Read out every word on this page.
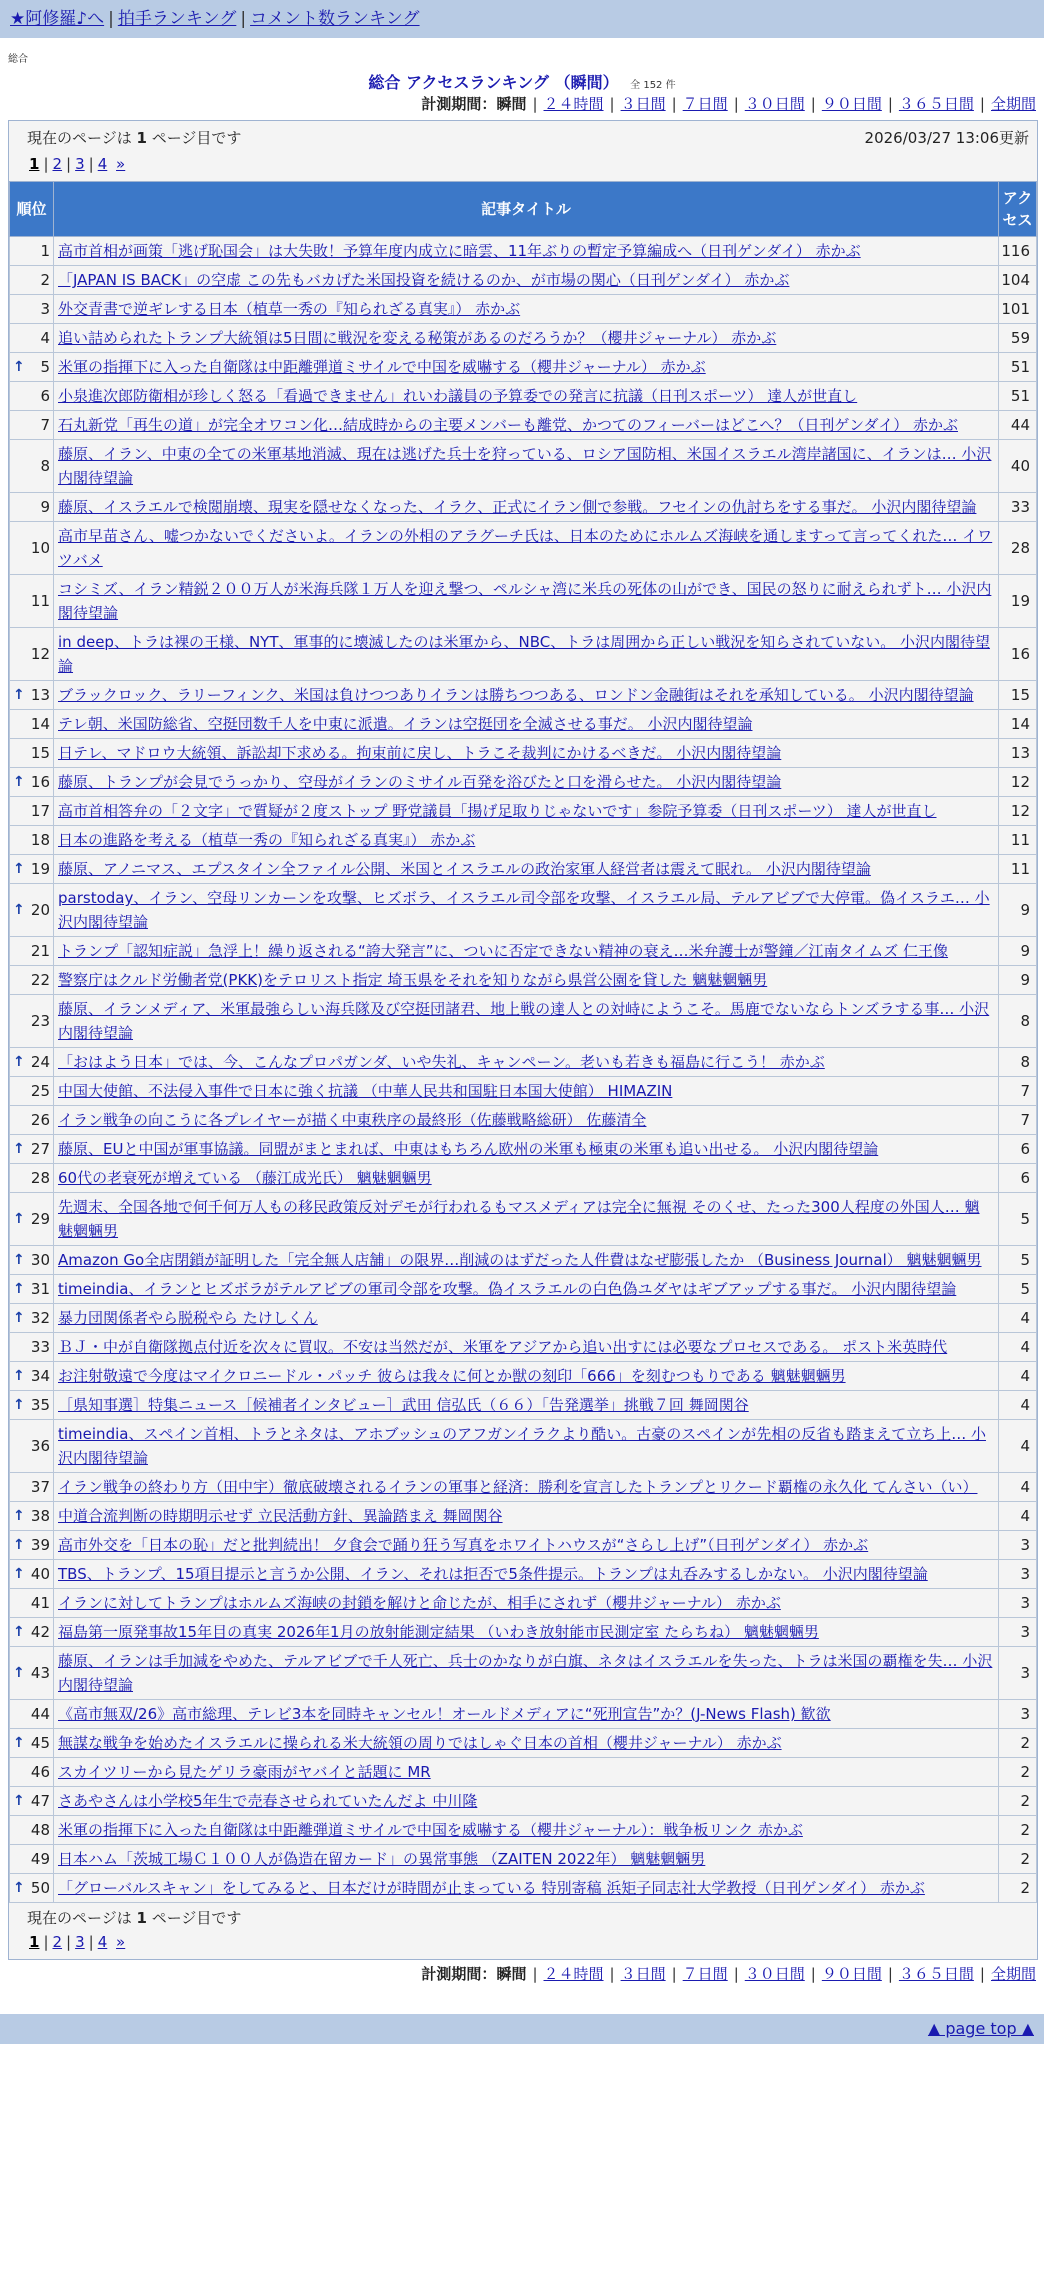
★阿修羅♪へ | 拍手ランキング | コメント数ランキング
総合
総合 アクセスランキング （瞬間） 全 152 件
計測期間：瞬間 | ２４時間 | ３日間 | ７日間 | ３０日間 | ９０日間 | ３６５日間 | 全期間
現在のページは 1 ページ目です	2026/03/27 13:06更新
1 | 2 | 3 | 4 »
順位	記事タイトル	アクセス
1	高市首相が画策「逃げ恥国会」は大失敗！予算年度内成立に暗雲、11年ぶりの暫定予算編成へ（日刊ゲンダイ） 赤かぶ	116
2	「JAPAN IS BACK」の空虚 この先もバカげた米国投資を続けるのか、が市場の関心（日刊ゲンダイ） 赤かぶ	104
3	外交青書で逆ギレする日本（植草一秀の『知られざる真実』） 赤かぶ	101
4	追い詰められたトランプ大統領は5日間に戦況を変える秘策があるのだろうか？（櫻井ジャーナル） 赤かぶ	59

↑ 5	米軍の指揮下に入った自衛隊は中距離弾道ミサイルで中国を威嚇する（櫻井ジャーナル） 赤かぶ	51
6	小泉進次郎防衛相が珍しく怒る「看過できません」れいわ議員の予算委での発言に抗議（日刊スポーツ） 達人が世直し	51
7	石丸新党「再生の道」が完全オワコン化…結成時からの主要メンバーも離党、かつてのフィーバーはどこへ？（日刊ゲンダイ） 赤かぶ	44
8	藤原、イラン、中東の全ての米軍基地消滅、現在は逃げた兵士を狩っている、ロシア国防相、米国イスラエル湾岸諸国に、イランは… 小沢内閣待望論	40
9	藤原、イスラエルで検閲崩壊、現実を隠せなくなった、イラク、正式にイラン側で参戦。フセインの仇討ちをする事だ。 小沢内閣待望論	33
10	高市早苗さん、嘘つかないでくださいよ。イランの外相のアラグーチ氏は、日本のためにホルムズ海峡を通しますって言ってくれた… イワツバメ	28
11	コシミズ、イラン精鋭２００万人が米海兵隊１万人を迎え撃つ、ペルシャ湾に米兵の死体の山ができ、国民の怒りに耐えられずト… 小沢内閣待望論	19
12	in deep、トラは裸の王様、NYT、軍事的に壊滅したのは米軍から、NBC、トラは周囲から正しい戦況を知らされていない。 小沢内閣待望論	16

↑ 13	ブラックロック、ラリーフィンク、米国は負けつつありイランは勝ちつつある、ロンドン金融街はそれを承知している。 小沢内閣待望論	15
14	テレ朝、米国防総省、空挺団数千人を中東に派遣。イランは空挺団を全滅させる事だ。 小沢内閣待望論	14
15	日テレ、マドロウ大統領、訴訟却下求める。拘束前に戻し、トラこそ裁判にかけるべきだ。 小沢内閣待望論	13

↑ 16	藤原、トランプが会見でうっかり、空母がイランのミサイル百発を浴びたと口を滑らせた。 小沢内閣待望論	12
17	高市首相答弁の「２文字」で質疑が２度ストップ 野党議員「揚げ足取りじゃないです」参院予算委（日刊スポーツ） 達人が世直し	12
18	日本の進路を考える（植草一秀の『知られざる真実』） 赤かぶ	11

↑ 19	藤原、アノニマス、エプスタイン全ファイル公開、米国とイスラエルの政治家軍人経営者は震えて眠れ。 小沢内閣待望論	11

↑ 20	parstoday、イラン、空母リンカーンを攻撃、ヒズボラ、イスラエル司令部を攻撃、イスラエル局、テルアビブで大停電。偽イスラエ… 小沢内閣待望論	9
21	トランプ「認知症説」急浮上！繰り返される“誇大発言”に、ついに否定できない精神の衰え…米弁護士が警鐘／江南タイムズ 仁王像	9
22	警察庁はクルド労働者党(PKK)をテロリスト指定 埼玉県をそれを知りながら県営公園を貸した 魑魅魍魎男	9
23	藤原、イランメディア、米軍最強らしい海兵隊及び空挺団諸君、地上戦の達人との対峙にようこそ。馬鹿でないならトンズラする事… 小沢内閣待望論	8

↑ 24	「おはよう日本」では、今、こんなプロパガンダ、いや失礼、キャンペーン。老いも若きも福島に行こう！ 赤かぶ	8
25	中国大使館、不法侵入事件で日本に強く抗議 （中華人民共和国駐日本国大使館） HIMAZIN	7
26	イラン戦争の向こうに各プレイヤーが描く中東秩序の最終形（佐藤戦略総研） 佐藤清全	7

↑ 27	藤原、EUと中国が軍事協議。同盟がまとまれば、中東はもちろん欧州の米軍も極東の米軍も追い出せる。 小沢内閣待望論	6
28	60代の老衰死が増えている （藤江成光氏） 魑魅魍魎男	6

↑ 29	先週末、全国各地で何千何万人もの移民政策反対デモが行われるもマスメディアは完全に無視 そのくせ、たった300人程度の外国人… 魑魅魍魎男	5

↑ 30	Amazon Go全店閉鎖が証明した「完全無人店舗」の限界…削減のはずだった人件費はなぜ膨張したか （Business Journal） 魑魅魍魎男	5

↑ 31	timeindia、イランとヒズボラがテルアビブの軍司令部を攻撃。偽イスラエルの白色偽ユダヤはギブアップする事だ。 小沢内閣待望論	5

↑ 32	暴力団関係者やら脱税やら たけしくん	4
33	ＢＪ・中が自衛隊拠点付近を次々に買収。不安は当然だが、米軍をアジアから追い出すには必要なプロセスである。 ポスト米英時代	4

↑ 34	お注射敬遠で今度はマイクロニードル・パッチ 彼らは我々に何とか獣の刻印「666」を刻むつもりである 魑魅魍魎男	4

↑ 35	［県知事選］特集ニュース［候補者インタビュー］武田 信弘氏（６６）「告発選挙」挑戦７回 舞岡関谷	4
36	timeindia、スペイン首相、トラとネタは、アホブッシュのアフガンイラクより酷い。古豪のスペインが先相の反省も踏まえて立ち上… 小沢内閣待望論	4
37	イラン戦争の終わり方（田中宇）徹底破壊されるイランの軍事と経済：勝利を宣言したトランプとリクード覇権の永久化 てんさい（い）	4

↑ 38	中道合流判断の時期明示せず 立民活動方針、異論踏まえ 舞岡関谷	4

↑ 39	高市外交を「日本の恥」だと批判続出！ 夕食会で踊り狂う写真をホワイトハウスが“さらし上げ”（日刊ゲンダイ） 赤かぶ	3

↑ 40	TBS、トランプ、15項目提示と言うか公開、イラン、それは拒否で5条件提示。トランプは丸呑みするしかない。 小沢内閣待望論	3
41	イランに対してトランプはホルムズ海峡の封鎖を解けと命じたが、相手にされず（櫻井ジャーナル） 赤かぶ	3

↑ 42	福島第一原発事故15年目の真実 2026年1月の放射能測定結果 （いわき放射能市民測定室 たらちね） 魑魅魍魎男	3

↑ 43	藤原、イランは手加減をやめた、テルアビブで千人死亡、兵士のかなりが白旗、ネタはイスラエルを失った、トラは米国の覇権を失… 小沢内閣待望論	3
44	《高市無双/26》高市総理、テレビ3本を同時キャンセル！オールドメディアに“死刑宣告”か？(J-News Flash) 歓欲	3

↑ 45	無謀な戦争を始めたイスラエルに操られる米大統領の周りではしゃぐ日本の首相（櫻井ジャーナル） 赤かぶ	2
46	スカイツリーから見たゲリラ豪雨がヤバイと話題に MR	2

↑ 47	さあやさんは小学校5年生で売春させられていたんだよ 中川隆	2
48	米軍の指揮下に入った自衛隊は中距離弾道ミサイルで中国を威嚇する（櫻井ジャーナル）：戦争板リンク 赤かぶ	2
49	日本ハム「茨城工場Ｃ１００人が偽造在留カード」の異常事態 （ZAITEN 2022年） 魑魅魍魎男	2

↑ 50	「グローバルスキャン」をしてみると、日本だけが時間が止まっている 特別寄稿 浜矩子同志社大学教授（日刊ゲンダイ） 赤かぶ	2
現在のページは 1 ページ目です
1 | 2 | 3 | 4 »
計測期間：瞬間 | ２４時間 | ３日間 | ７日間 | ３０日間 | ９０日間 | ３６５日間 | 全期間
▲ page top ▲
